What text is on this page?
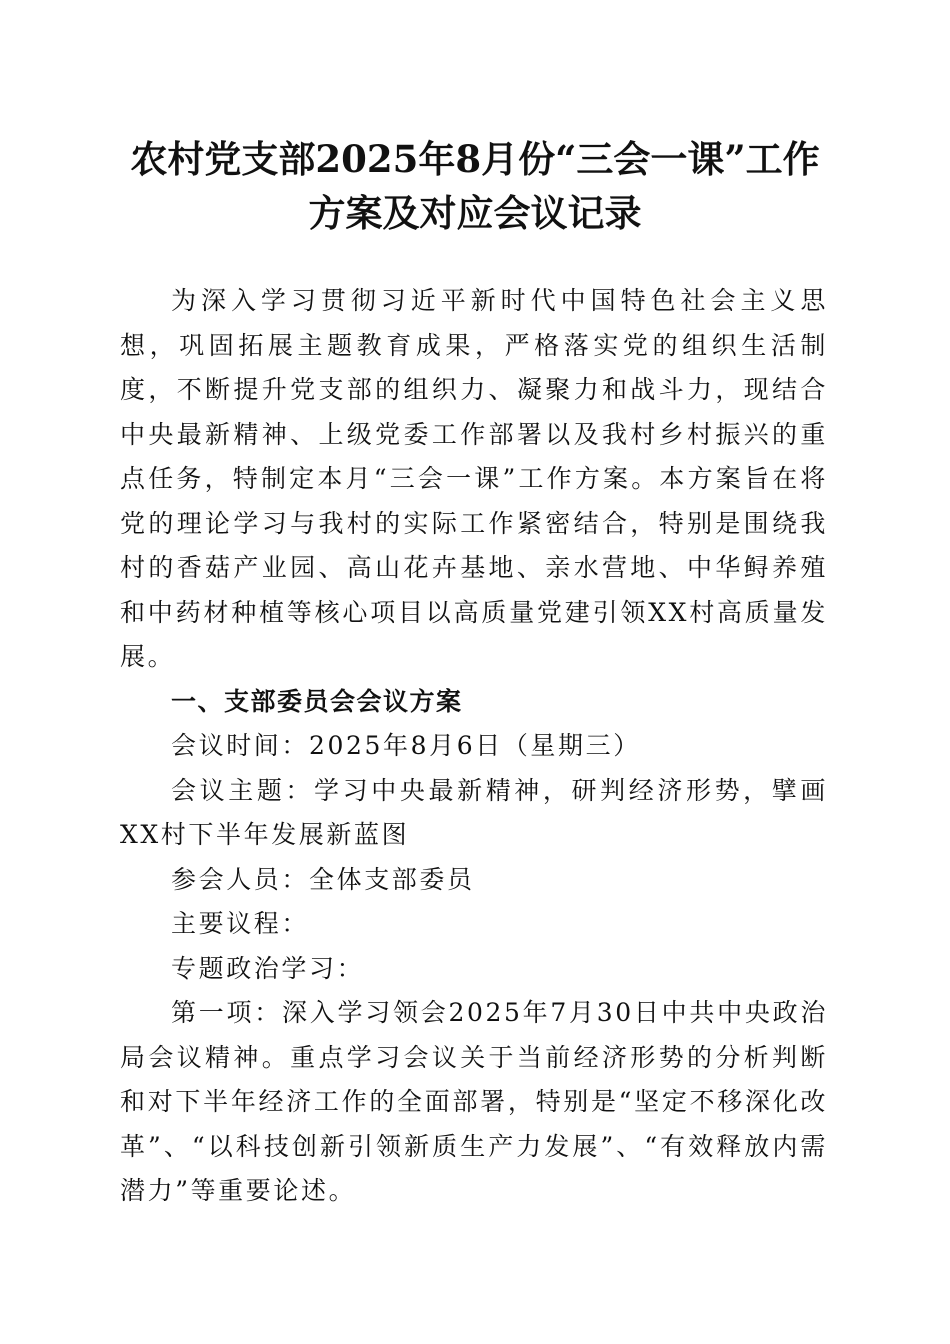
农村党支部2025年8月份“三会一课”工作
方案及对应会议记录

为深入学习贯彻习近平新时代中国特色社会主义思想，巩固拓展主题教育成果，严格落实党的组织生活制度，不断提升党支部的组织力、凝聚力和战斗力，现结合中央最新精神、上级党委工作部署以及我村乡村振兴的重点任务，特制定本月“三会一课”工作方案。本方案旨在将党的理论学习与我村的实际工作紧密结合，特别是围绕我村的香菇产业园、高山花卉基地、亲水营地、中华鲟养殖和中药材种植等核心项目以高质量党建引领XX村高质量发展。

一、支部委员会会议方案

会议时间：2025年8月6日（星期三）

会议主题：学习中央最新精神，研判经济形势，擘画XX村下半年发展新蓝图

参会人员：全体支部委员

主要议程：

专题政治学习：

第一项：深入学习领会2025年7月30日中共中央政治局会议精神。重点学习会议关于当前经济形势的分析判断和对下半年经济工作的全面部署，特别是“坚定不移深化改革”、“以科技创新引领新质生产力发展”、“有效释放内需潜力”等重要论述。
